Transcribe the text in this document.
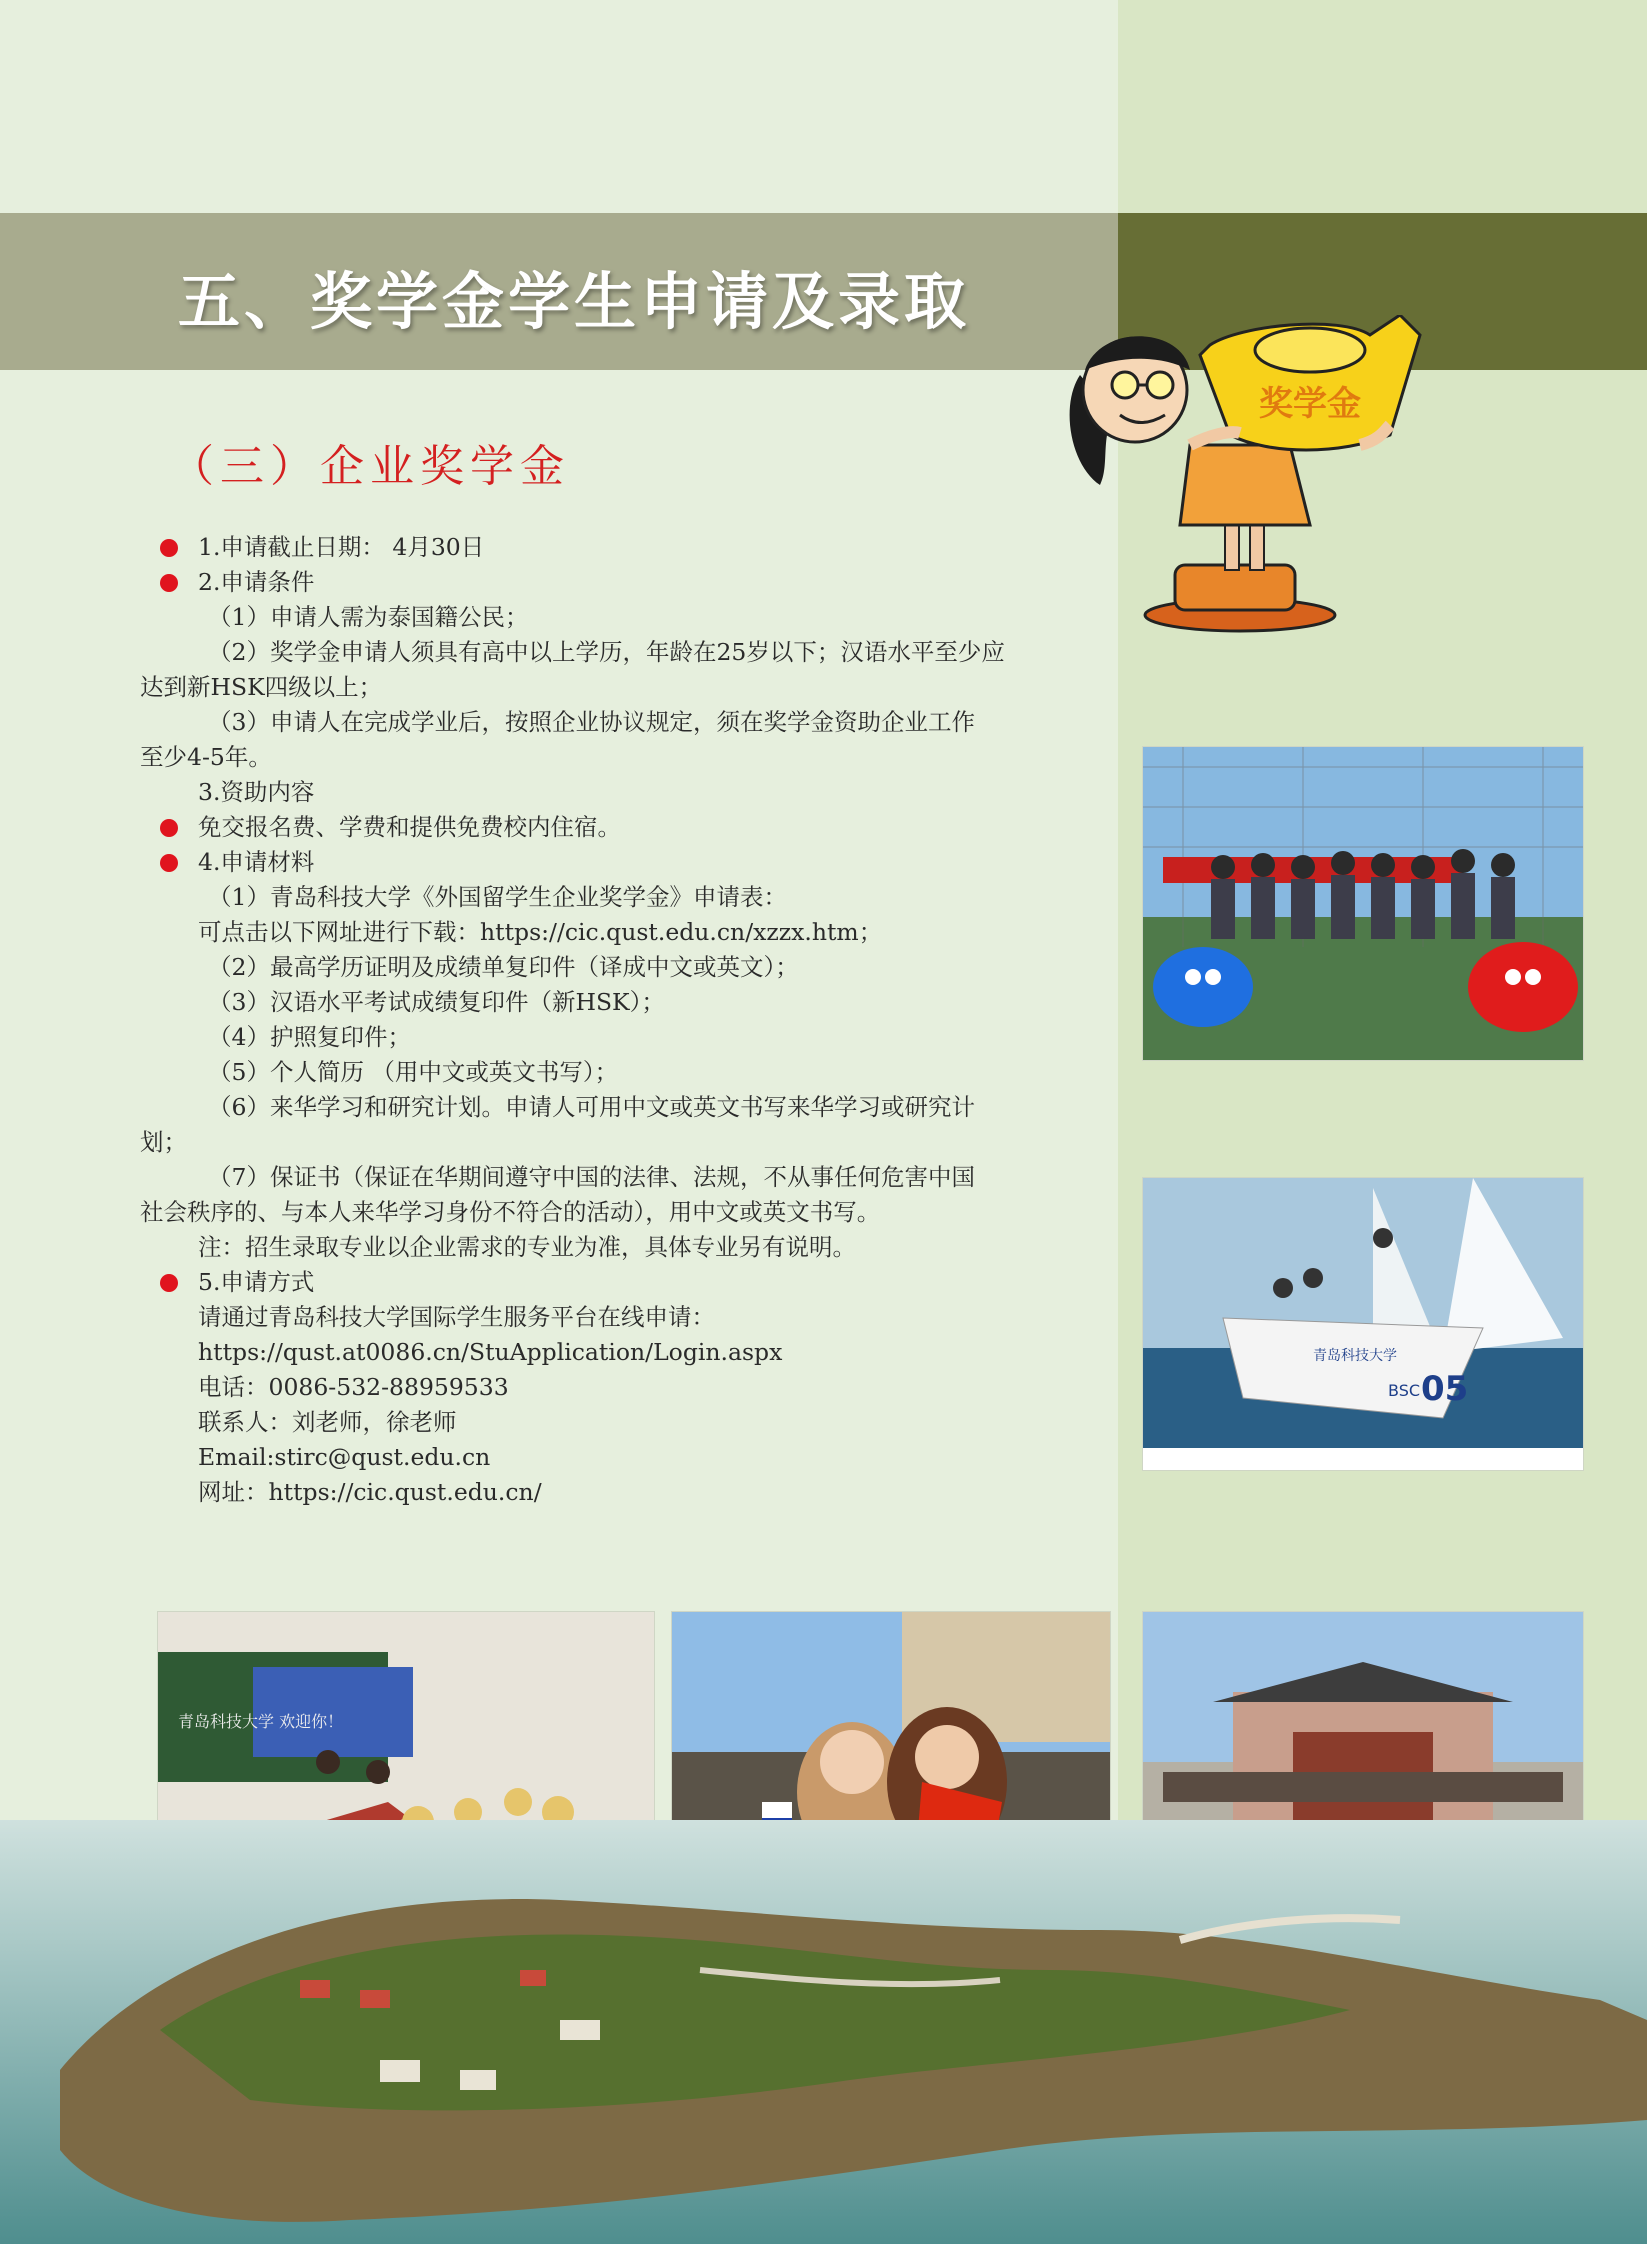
五、奖学金学生申请及录取
奖学金
（三）企业奖学金
1.申请截止日期： 4月30日
2.申请条件
（1）申请人需为泰国籍公民；
（2）奖学金申请人须具有高中以上学历，年龄在25岁以下；汉语水平至少应
达到新HSK四级以上；
（3）申请人在完成学业后，按照企业协议规定，须在奖学金资助企业工作
至少4-5年。
3.资助内容
免交报名费、学费和提供免费校内住宿。
4.申请材料
（1）青岛科技大学《外国留学生企业奖学金》申请表：
可点击以下网址进行下载：https://cic.qust.edu.cn/xzzx.htm；
（2）最高学历证明及成绩单复印件（译成中文或英文）；
（3）汉语水平考试成绩复印件（新HSK）；
（4）护照复印件；
（5）个人简历 （用中文或英文书写）；
（6）来华学习和研究计划。申请人可用中文或英文书写来华学习或研究计
划；
（7）保证书（保证在华期间遵守中国的法律、法规，不从事任何危害中国
社会秩序的、与本人来华学习身份不符合的活动），用中文或英文书写。
注：招生录取专业以企业需求的专业为准，具体专业另有说明。
5.申请方式
请通过青岛科技大学国际学生服务平台在线申请：
https://qust.at0086.cn/StuApplication/Login.aspx
电话：0086-532-88959533
联系人：刘老师，徐老师
Email:stirc@qust.edu.cn
网址：https://cic.qust.edu.cn/
青岛科技大学
BSC 05
青岛科技大学 欢迎你！
